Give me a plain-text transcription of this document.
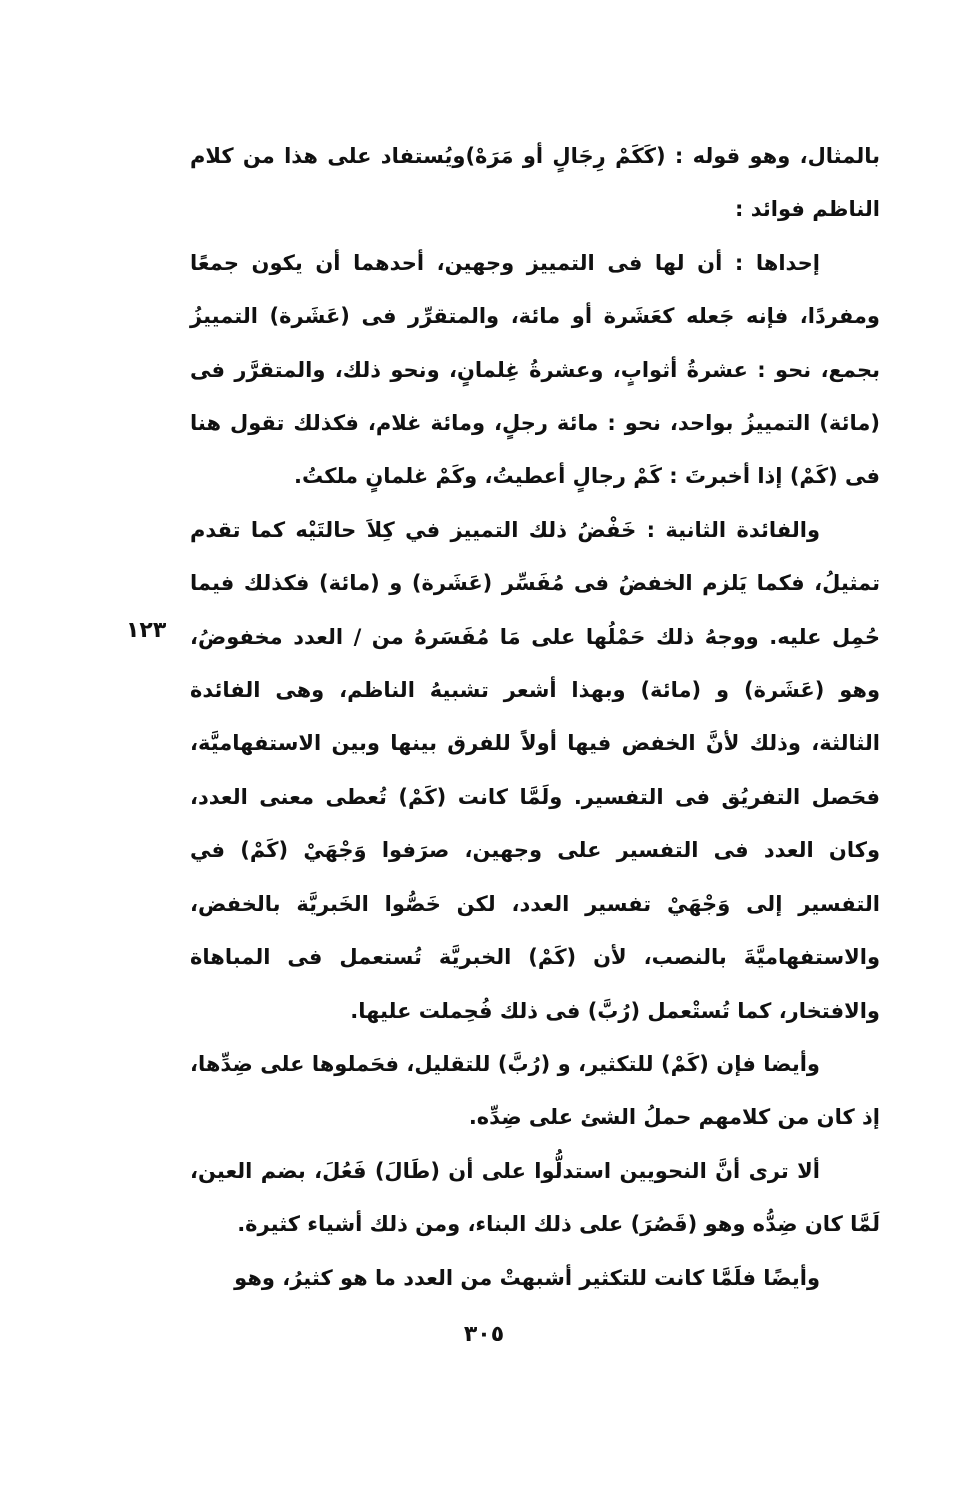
بالمثال، وهو قوله : (كَكَمْ رِجَالٍ أو مَرَهْ)ويُستفاد على هذا من كلام الناظم فوائد :

إحداها : أن لها فى التمييز وجهين، أحدهما أن يكون جمعًا ومفردًا، فإنه جَعله كعَشَرة أو مائة، والمتقرِّر فى (عَشَرة) التمييزُ بجمع، نحو : عشرةُ أثوابٍ، وعشرةُ غِلمانٍ، ونحو ذلك، والمتقرَّر فى (مائة) التمييزُ بواحد، نحو : مائة رجلٍ، ومائة غلام، فكذلك تقول هنا فى (كَمْ) إذا أخبرتَ : كَمْ رجالٍ أعطيتُ، وكَمْ غلمانٍ ملكتُ.

والفائدة الثانية : خَفْضُ ذلك التمييز في كِلاَ حالتَيْه كما تقدم تمثيلُ، فكما يَلزم الخفضُ فى مُفَسِّر (عَشَرة) و (مائة) فكذلك فيما حُمِل عليه. ووجهُ ذلك حَمْلُها على مَا مُفَسَرهُ من / العدد مخفوضُ، وهو (عَشَرة) و (مائة) وبهذا أشعر تشبيهُ الناظم، وهى الفائدة الثالثة، وذلك لأنَّ الخفض فيها أولاً للفرق بينها وبين الاستفهاميَّة، فحَصل التفريُق فى التفسير. ولَمَّا كانت (كَمْ) تُعطى معنى العدد، وكان العدد فى التفسير على وجهين، صرَفوا وَجْهَيْ (كَمْ) في التفسير إلى وَجْهَيْ تفسير العدد، لكن خَصُّوا الخَبريَّة بالخفض، والاستفهاميَّةَ بالنصب، لأن (كَمْ) الخبريَّة تُستعمل فى المباهاة والافتخار، كما تُستْعمل (رُبَّ) فى ذلك فُحِملت عليها.

وأيضا فإن (كَمْ) للتكثير، و (رُبَّ) للتقليل، فحَملوها على ضِدِّها، إذ كان من كلامهم حملُ الشئ على ضِدِّه.

ألا ترى أنَّ النحويين استدلُّوا على أن (طَالَ) فَعُلَ، بضم العين، لَمَّا كان ضِدُّه وهو (قَصُرَ) على ذلك البناء، ومن ذلك أشياء كثيرة.

وأيضًا فلَمَّا كانت للتكثير أشبهتْ من العدد ما هو كثيرُ، وهو

١٢٣
٣٠٥
